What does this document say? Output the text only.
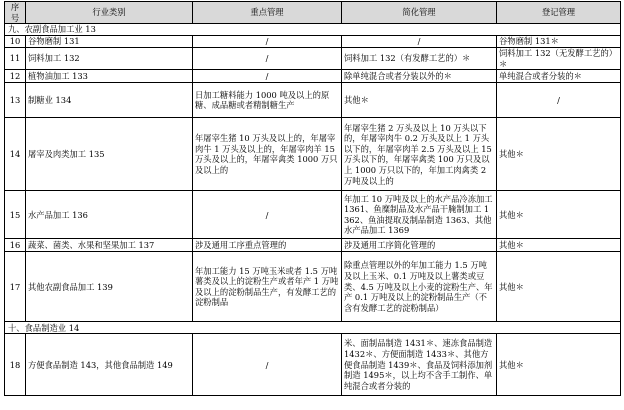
序号	行业类别	重点管理	简化管理	登记管理
九、农副食品加工业 13				
10	谷物磨制 131	/	/	谷物磨制 131＊
11	饲料加工 132	/	饲料加工 132（有发酵工艺的）＊	饲料加工 132（无发酵工艺的）＊
12	植物油加工 133	/	除单纯混合或者分装以外的＊	单纯混合或者分装的＊
13	制糖业 134	日加工糖料能力 1000 吨及以上的原糖、成品糖或者精制糖生产	其他＊	/
14	屠宰及肉类加工 135	年屠宰生猪 10 万头及以上的，年屠宰肉牛 1 万头及以上的，年屠宰肉羊 15 万头及以上的，年屠宰禽类 1000 万只及以上的	年屠宰生猪 2 万头及以上 10 万头以下的，年屠宰肉牛 0.2 万头及以上 1 万头以下的，年屠宰肉羊 2.5 万头及以上 15 万头以下的，年屠宰禽类 100 万只及以上 1000 万只以下的，年加工肉禽类 2 万吨及以上的	其他＊
15	水产品加工 136	/	年加工 10 万吨及以上的水产品冷冻加工 1361、鱼糜制品及水产品干腌制加工 1362、鱼油提取及制品制造 1363、其他水产品加工 1369	其他＊
16	蔬菜、菌类、水果和坚果加工 137	涉及通用工序重点管理的	涉及通用工序简化管理的	其他＊
17	其他农副食品加工 139	年加工能力 15 万吨玉米或者 1.5 万吨薯类及以上的淀粉生产或者年产 1 万吨及以上的淀粉制品生产，有发酵工艺的淀粉制品	除重点管理以外的年加工能力 1.5 万吨及以上玉米、0.1 万吨及以上薯类或豆类、4.5 万吨及以上小麦的淀粉生产、年产 0.1 万吨及以上的淀粉制品生产（不含有发酵工艺的淀粉制品）	其他＊
十、食品制造业 14				
18	方便食品制造 143，其他食品制造 149	/	米、面制品制造 1431＊、速冻食品制造 1432＊、方便面制造 1433＊、其他方便食品制造 1439＊、食品及饲料添加剂制造 1495＊，以上均不含手工制作、单纯混合或者分装的	其他＊
